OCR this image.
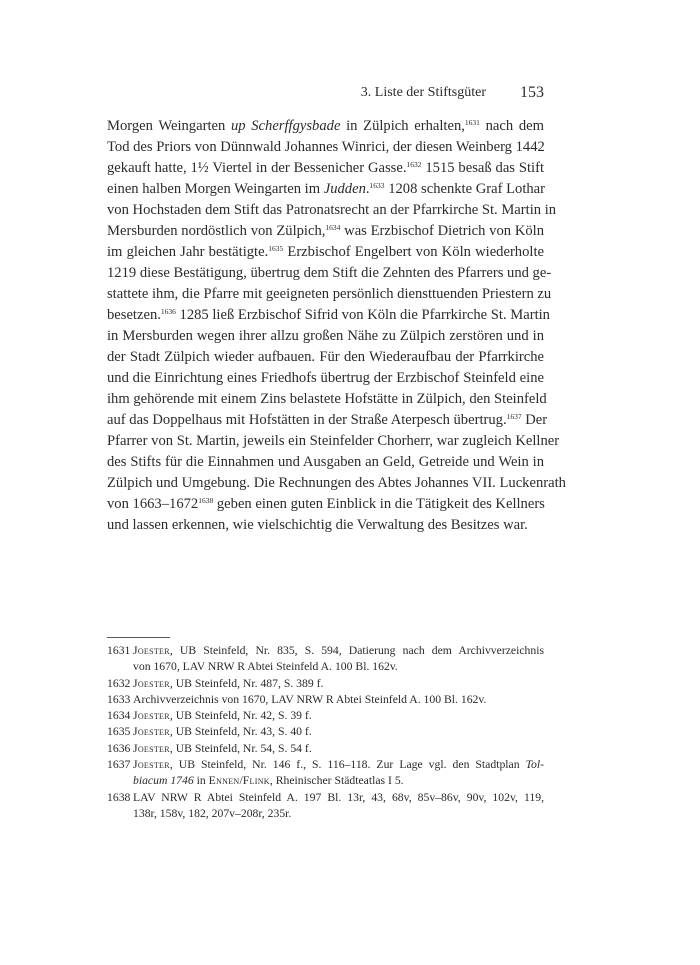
3. Liste der Stiftsgüter 153
Morgen Weingarten up Scherffgysbade in Zülpich erhalten,$^{1631}$ nach dem
Tod des Priors von Dünnwald Johannes Winrici, der diesen Weinberg 1442
gekauft hatte, 1½ Viertel in der Bessenicher Gasse.$^{1632}$ 1515 besaß das Stift
einen halben Morgen Weingarten im Judden.$^{1633}$ 1208 schenkte Graf Lothar
von Hochstaden dem Stift das Patronatsrecht an der Pfarrkirche St. Martin in
Mersburden nordöstlich von Zülpich,$^{1634}$ was Erzbischof Dietrich von Köln
im gleichen Jahr bestätigte.$^{1635}$ Erzbischof Engelbert von Köln wiederholte
1219 diese Bestätigung, übertrug dem Stift die Zehnten des Pfarrers und ge-
stattete ihm, die Pfarre mit geeigneten persönlich diensttuenden Priestern zu
besetzen.$^{1636}$ 1285 ließ Erzbischof Sifrid von Köln die Pfarrkirche St. Martin
in Mersburden wegen ihrer allzu großen Nähe zu Zülpich zerstören und in
der Stadt Zülpich wieder aufbauen. Für den Wiederaufbau der Pfarrkirche
und die Einrichtung eines Friedhofs übertrug der Erzbischof Steinfeld eine
ihm gehörende mit einem Zins belastete Hofstätte in Zülpich, den Steinfeld
auf das Doppelhaus mit Hofstätten in der Straße Aterpesch übertrug.$^{1637}$ Der
Pfarrer von St. Martin, jeweils ein Steinfelder Chorherr, war zugleich Kellner
des Stifts für die Einnahmen und Ausgaben an Geld, Getreide und Wein in
Zülpich und Umgebung. Die Rechnungen des Abtes Johannes VII. Luckenrath
von $1663-1672^{1638}$ geben einen guten Einblick in die Tätigkeit des Kellners
und lassen erkennen, wie vielschichtig die Verwaltung des Besitzes war.
1631 Joester, UB Steinfeld, Nr. 835, S. 594, Datierung nach dem Archivverzeichnis
von 1670, LAV NRW R Abtei Steinfeld A. 100 Bl. 162v.
1632 Joester, UB Steinfeld, Nr. 487, S. 389 f.
1633 Archivverzeichnis von 1670, LAV NRW R Abtei Steinfeld A. 100 Bl. 162v.
1634 Joester, UB Steinfeld, Nr. 42, S. 39 f.
1635 Joester, UB Steinfeld, Nr. 43, S. 40 f.
1636 Joester, UB Steinfeld, Nr. 54, S. 54 f.
1637 Joester, UB Steinfeld, Nr. 146 f., S. 116–118. Zur Lage vgl. den Stadtplan Tol-
biacum 1746 in Ennen/Flink, Rheinischer Städteatlas I 5.
1638 LAV NRW R Abtei Steinfeld A. 197 Bl. 13r, 43, 68v, 85v–86v, 90v, 102v, 119,
138r, 158v, 182, 207v–208r, 235r.
